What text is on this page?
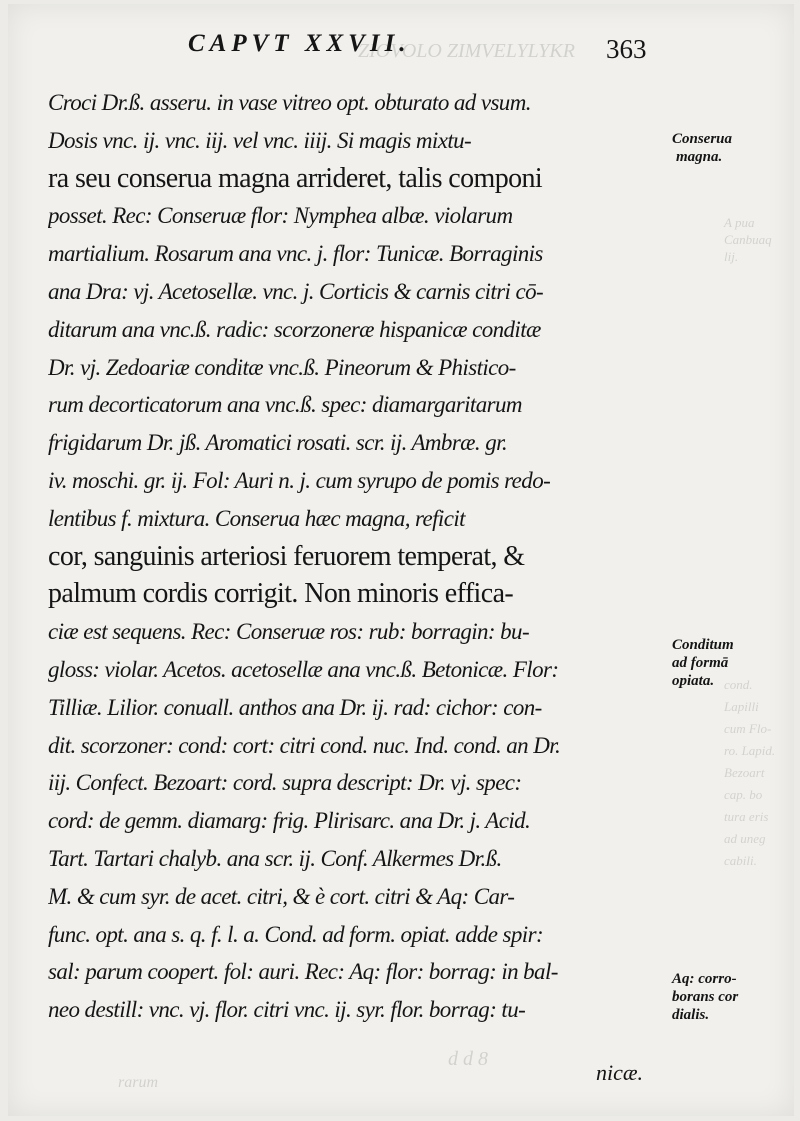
ZIOVOLO ZIMVELYLYKR
A pua
Canbuaq
lij.
cond.
Lapilli
cum Flo-
ro. Lapid.
Bezoart
cap. bo
tura eris
ad uneg
cabili.
d d 8
rarum
CAPVT XXVII.	363
Croci Dr.ß. asseru. in vase vitreo opt. obturato ad vsum.
Dosis vnc. ij. vnc. iij. vel vnc. iiij. Si magis mixtu-
ra seu conserua magna arrideret, talis componi
posset. Rec: Conseruæ flor: Nymphea albæ. violarum
martialium. Rosarum ana vnc. j. flor: Tunicæ. Borraginis
ana Dra: vj. Acetosellæ. vnc. j. Corticis & carnis citri cō-
ditarum ana vnc.ß. radic: scorzoneræ hispanicæ conditæ
Dr. vj. Zedoariæ conditæ vnc.ß. Pineorum & Phistico-
rum decorticatorum ana vnc.ß. spec: diamargaritarum
frigidarum Dr. jß. Aromatici rosati. scr. ij. Ambræ. gr.
iv. moschi. gr. ij. Fol: Auri n. j. cum syrupo de pomis redo-
lentibus f. mixtura. Conserua hæc magna, reficit
cor, sanguinis arteriosi feruorem temperat, &
palmum cordis corrigit. Non minoris effica-
ciæ est sequens. Rec: Conseruæ ros: rub: borragin: bu-
gloss: violar. Acetos. acetosellæ ana vnc.ß. Betonicæ. Flor:
Tilliæ. Lilior. conuall. anthos ana Dr. ij. rad: cichor: con-
dit. scorzoner: cond: cort: citri cond. nuc. Ind. cond. an Dr.
iij. Confect. Bezoart: cord. supra descript: Dr. vj. spec:
cord: de gemm. diamarg: frig. Plirisarc. ana Dr. j. Acid.
Tart. Tartari chalyb. ana scr. ij. Conf. Alkermes Dr.ß.
M. & cum syr. de acet. citri, & è cort. citri & Aq: Car-
func. opt. ana s. q. f. l. a. Cond. ad form. opiat. adde spir:
sal: parum coopert. fol: auri. Rec: Aq: flor: borrag: in bal-
neo destill: vnc. vj. flor. citri vnc. ij. syr. flor. borrag: tu-
Conserua
magna.
Conditum
ad formā
opiata.
Aq: corro-
borans cor
dialis.
nicæ.
